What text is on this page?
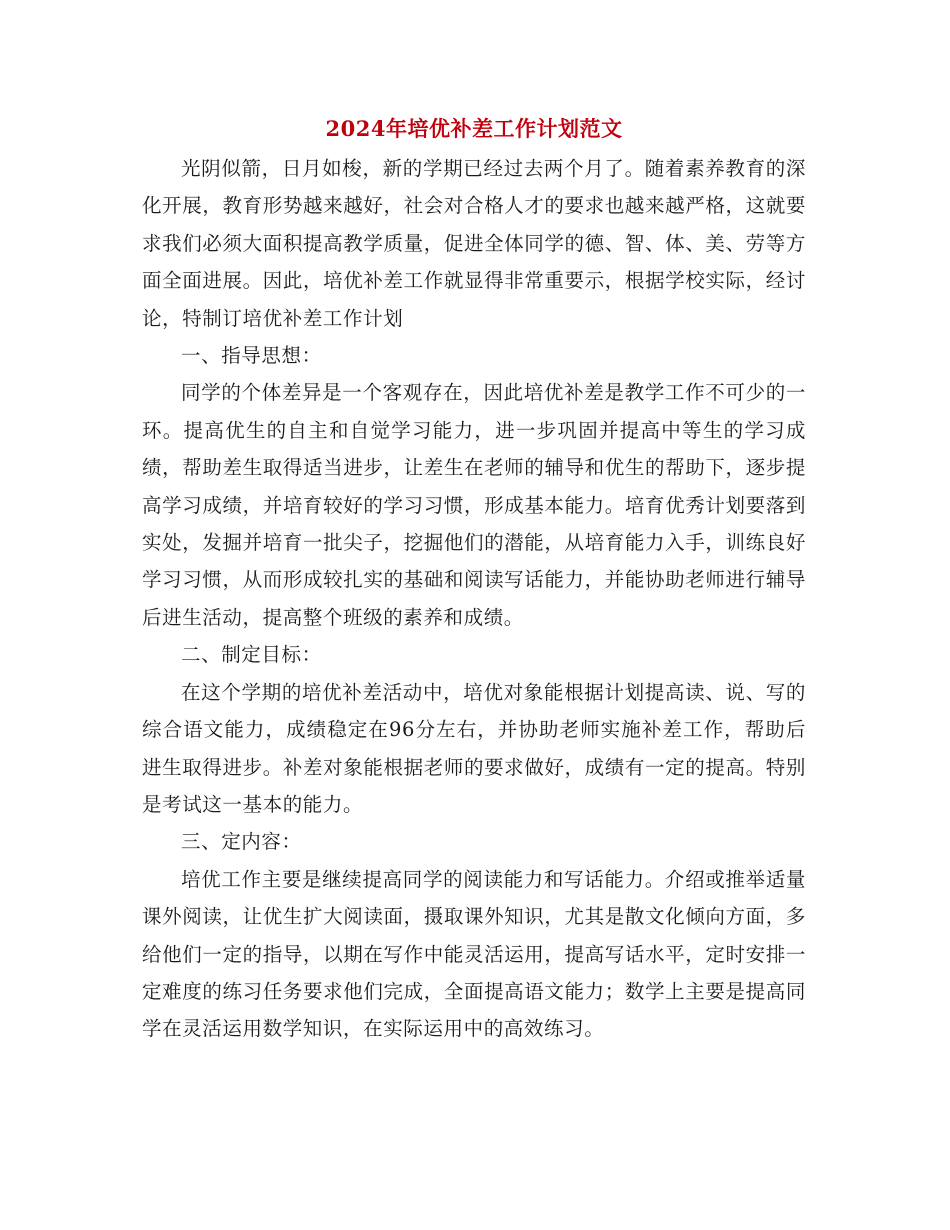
2024年培优补差工作计划范文

光阴似箭，日月如梭，新的学期已经过去两个月了。随着素养教育的深化开展，教育形势越来越好，社会对合格人才的要求也越来越严格，这就要求我们必须大面积提高教学质量，促进全体同学的德、智、体、美、劳等方面全面进展。因此，培优补差工作就显得非常重要示，根据学校实际，经讨论，特制订培优补差工作计划

一、指导思想：

同学的个体差异是一个客观存在，因此培优补差是教学工作不可少的一环。提高优生的自主和自觉学习能力，进一步巩固并提高中等生的学习成绩，帮助差生取得适当进步，让差生在老师的辅导和优生的帮助下，逐步提高学习成绩，并培育较好的学习习惯，形成基本能力。培育优秀计划要落到实处，发掘并培育一批尖子，挖掘他们的潜能，从培育能力入手，训练良好学习习惯，从而形成较扎实的基础和阅读写话能力，并能协助老师进行辅导后进生活动，提高整个班级的素养和成绩。

二、制定目标：

在这个学期的培优补差活动中，培优对象能根据计划提高读、说、写的综合语文能力，成绩稳定在96分左右，并协助老师实施补差工作，帮助后进生取得进步。补差对象能根据老师的要求做好，成绩有一定的提高。特别是考试这一基本的能力。

三、定内容：

培优工作主要是继续提高同学的阅读能力和写话能力。介绍或推举适量课外阅读，让优生扩大阅读面，摄取课外知识，尤其是散文化倾向方面，多给他们一定的指导，以期在写作中能灵活运用，提高写话水平，定时安排一定难度的练习任务要求他们完成，全面提高语文能力；数学上主要是提高同学在灵活运用数学知识，在实际运用中的高效练习。
